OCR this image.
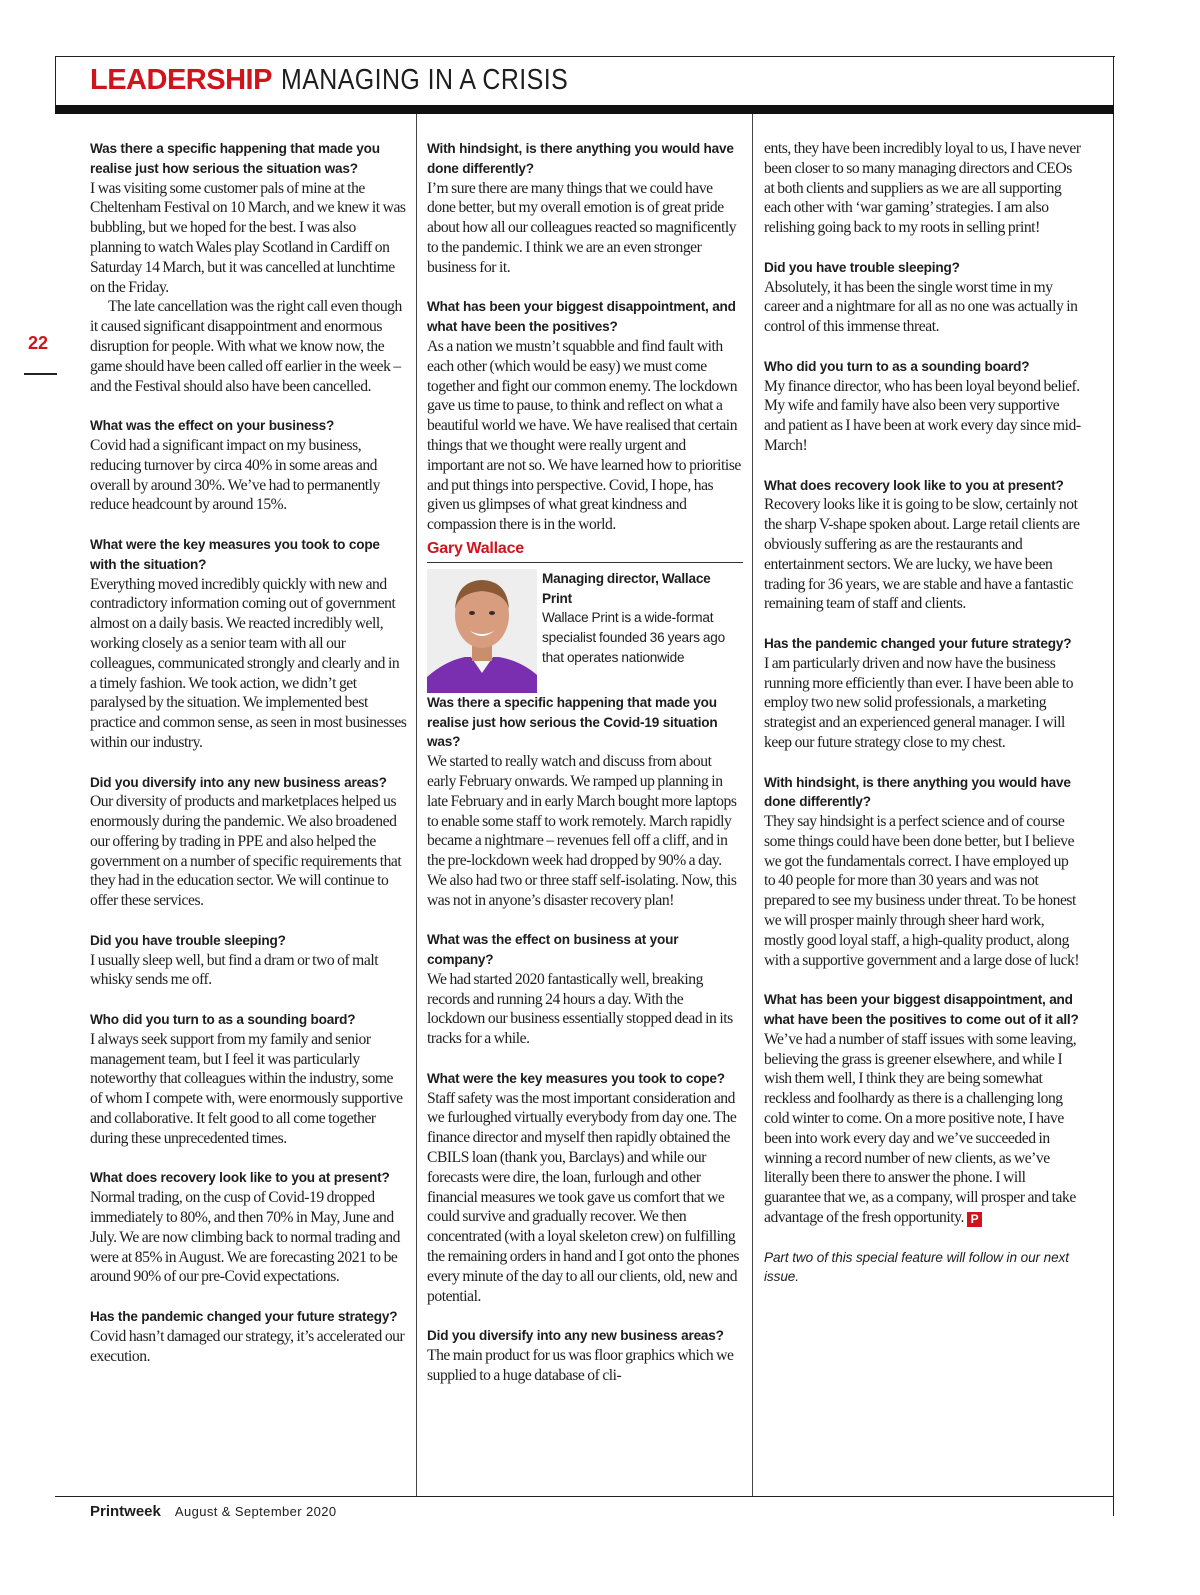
LEADERSHIP MANAGING IN A CRISIS
22

Was there a specific happening that made you realise just how serious the situation was?

I was visiting some customer pals of mine at the Cheltenham Festival on 10 March, and we knew it was bubbling, but we hoped for the best. I was also planning to watch Wales play Scotland in Cardiff on Saturday 14 March, but it was cancelled at lunchtime on the Friday.

The late cancellation was the right call even though it caused significant disappointment and enormous disruption for people. With what we know now, the game should have been called off earlier in the week – and the Festival should also have been cancelled.

What was the effect on your business?

Covid had a significant impact on my business, reducing turnover by circa 40% in some areas and overall by around 30%. We’ve had to permanently reduce headcount by around 15%.

What were the key measures you took to cope with the situation?

Everything moved incredibly quickly with new and contradictory information coming out of government almost on a daily basis. We reacted incredibly well, working closely as a senior team with all our colleagues, communicated strongly and clearly and in a timely fashion. We took action, we didn’t get paralysed by the situation. We implemented best practice and common sense, as seen in most businesses within our industry.

Did you diversify into any new business areas?

Our diversity of products and marketplaces helped us enormously during the pandemic. We also broadened our offering by trading in PPE and also helped the government on a number of specific requirements that they had in the education sector. We will continue to offer these services.

Did you have trouble sleeping?

I usually sleep well, but find a dram or two of malt whisky sends me off.

Who did you turn to as a sounding board?

I always seek support from my family and senior management team, but I feel it was particularly noteworthy that colleagues within the industry, some of whom I compete with, were enormously supportive and collaborative. It felt good to all come together during these unprecedented times.

What does recovery look like to you at present?

Normal trading, on the cusp of Covid-19 dropped immediately to 80%, and then 70% in May, June and July. We are now climbing back to normal trading and were at 85% in August. We are forecasting 2021 to be around 90% of our pre-Covid expectations.

Has the pandemic changed your future strategy?

Covid hasn’t damaged our strategy, it’s accelerated our execution.

With hindsight, is there anything you would have done differently?

I’m sure there are many things that we could have done better, but my overall emotion is of great pride about how all our colleagues reacted so magnificently to the pandemic. I think we are an even stronger business for it.

What has been your biggest disappointment, and what have been the positives?

As a nation we mustn’t squabble and find fault with each other (which would be easy) we must come together and fight our common enemy. The lockdown gave us time to pause, to think and reflect on what a beautiful world we have. We have realised that certain things that we thought were really urgent and important are not so. We have learned how to prioritise and put things into perspective. Covid, I hope, has given us glimpses of what great kindness and compassion there is in the world.

Gary Wallace
Managing director, Wallace Print
Wallace Print is a wide-format specialist founded 36 years ago that operates nationwide

Was there a specific happening that made you realise just how serious the Covid-19 situation was?

We started to really watch and discuss from about early February onwards. We ramped up planning in late February and in early March bought more laptops to enable some staff to work remotely. March rapidly became a nightmare – revenues fell off a cliff, and in the pre-lockdown week had dropped by 90% a day. We also had two or three staff self-isolating. Now, this was not in anyone’s disaster recovery plan!

What was the effect on business at your company?

We had started 2020 fantastically well, breaking records and running 24 hours a day. With the lockdown our business essentially stopped dead in its tracks for a while.

What were the key measures you took to cope?

Staff safety was the most important consideration and we furloughed virtually everybody from day one. The finance director and myself then rapidly obtained the CBILS loan (thank you, Barclays) and while our forecasts were dire, the loan, furlough and other financial measures we took gave us comfort that we could survive and gradually recover. We then concentrated (with a loyal skeleton crew) on fulfilling the remaining orders in hand and I got onto the phones every minute of the day to all our clients, old, new and potential.

Did you diversify into any new business areas?

The main product for us was floor graphics which we supplied to a huge database of cli-

ents, they have been incredibly loyal to us, I have never been closer to so many managing directors and CEOs at both clients and suppliers as we are all supporting each other with ‘war gaming’ strategies. I am also relishing going back to my roots in selling print!

Did you have trouble sleeping?

Absolutely, it has been the single worst time in my career and a nightmare for all as no one was actually in control of this immense threat.

Who did you turn to as a sounding board?

My finance director, who has been loyal beyond belief. My wife and family have also been very supportive and patient as I have been at work every day since mid-March!

What does recovery look like to you at present?

Recovery looks like it is going to be slow, certainly not the sharp V-shape spoken about. Large retail clients are obviously suffering as are the restaurants and entertainment sectors. We are lucky, we have been trading for 36 years, we are stable and have a fantastic remaining team of staff and clients.

Has the pandemic changed your future strategy?

I am particularly driven and now have the business running more efficiently than ever. I have been able to employ two new solid professionals, a marketing strategist and an experienced general manager. I will keep our future strategy close to my chest.

With hindsight, is there anything you would have done differently?

They say hindsight is a perfect science and of course some things could have been done better, but I believe we got the fundamentals correct. I have employed up to 40 people for more than 30 years and was not prepared to see my business under threat. To be honest we will prosper mainly through sheer hard work, mostly good loyal staff, a high-quality product, along with a supportive government and a large dose of luck!

What has been your biggest disappointment, and what have been the positives to come out of it all?

We’ve had a number of staff issues with some leaving, believing the grass is greener elsewhere, and while I wish them well, I think they are being somewhat reckless and foolhardy as there is a challenging long cold winter to come. On a more positive note, I have been into work every day and we’ve succeeded in winning a record number of new clients, as we’ve literally been there to answer the phone. I will guarantee that we, as a company, will prosper and take advantage of the fresh opportunity. P

Part two of this special feature will follow in our next issue.

Printweek August & September 2020
